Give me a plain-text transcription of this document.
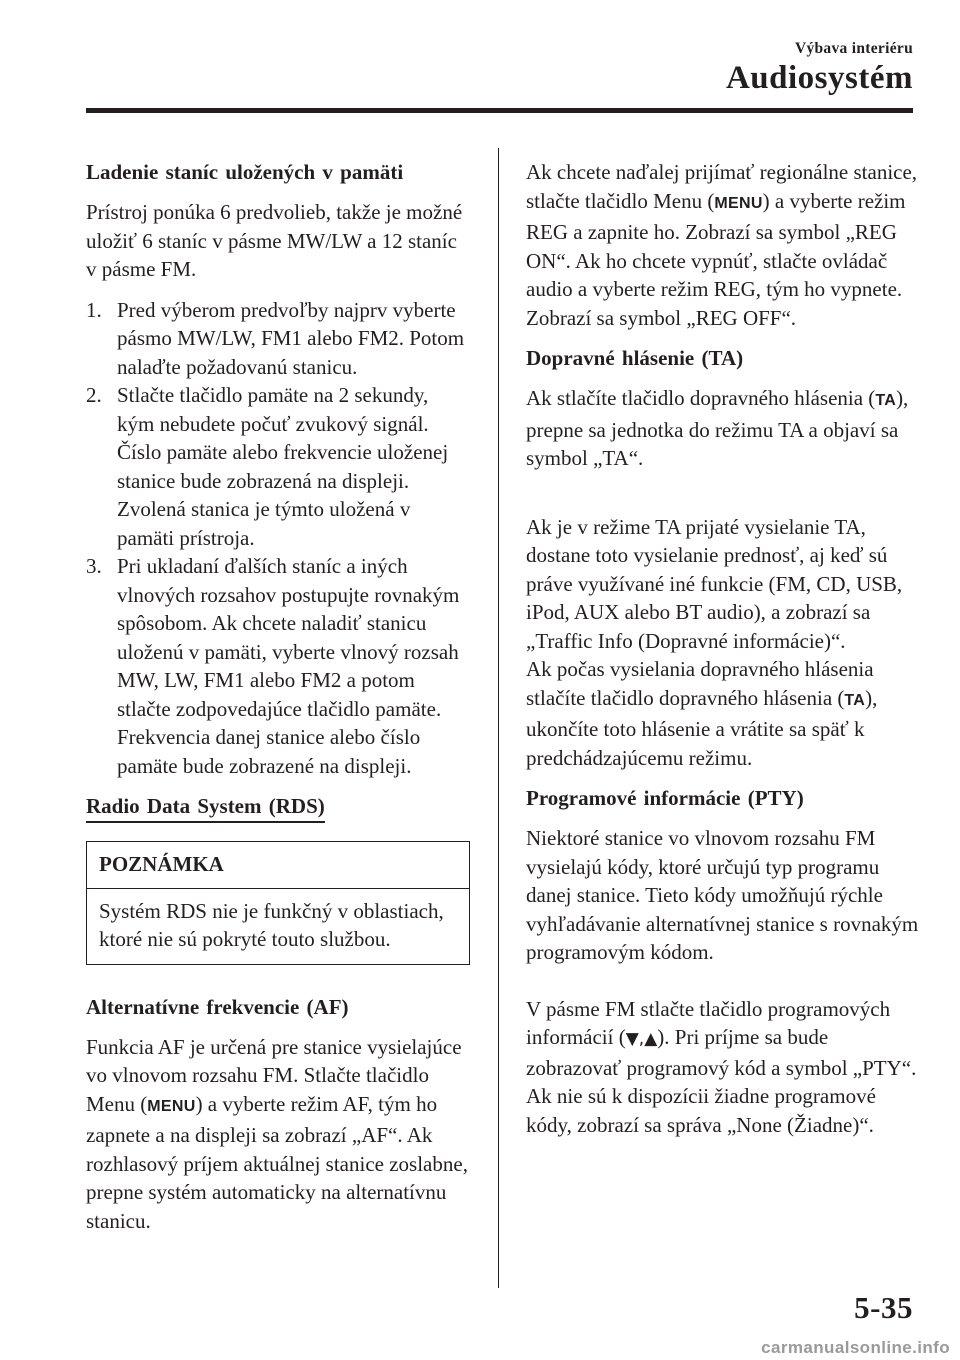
Výbava interiéru
Audiosystém
Ladenie staníc uložených v pamäti

Prístroj ponúka 6 predvolieb, takže je možné uložiť 6 staníc v pásme MW/LW a 12 staníc v pásme FM.

1. Pred výberom predvoľby najprv vyberte pásmo MW/LW, FM1 alebo FM2. Potom nalaďte požadovanú stanicu.
2. Stlačte tlačidlo pamäte na 2 sekundy, kým nebudete počuť zvukový signál. Číslo pamäte alebo frekvencie uloženej stanice bude zobrazená na displeji. Zvolená stanica je týmto uložená v pamäti prístroja.
3. Pri ukladaní ďalších staníc a iných vlnových rozsahov postupujte rovnakým spôsobom. Ak chcete naladiť stanicu uloženú v pamäti, vyberte vlnový rozsah MW, LW, FM1 alebo FM2 a potom stlačte zodpovedajúce tlačidlo pamäte. Frekvencia danej stanice alebo číslo pamäte bude zobrazené na displeji.
Radio Data System (RDS)
POZNÁMKA
Systém RDS nie je funkčný v oblastiach, ktoré nie sú pokryté touto službou.
Alternatívne frekvencie (AF)

Funkcia AF je určená pre stanice vysielajúce vo vlnovom rozsahu FM. Stlačte tlačidlo Menu (MENU) a vyberte režim AF, tým ho zapnete a na displeji sa zobrazí „AF“. Ak rozhlasový príjem aktuálnej stanice zoslabne, prepne systém automaticky na alternatívnu stanicu.

Ak chcete naďalej prijímať regionálne stanice, stlačte tlačidlo Menu (MENU) a vyberte režim REG a zapnite ho. Zobrazí sa symbol „REG ON“. Ak ho chcete vypnúť, stlačte ovládač audio a vyberte režim REG, tým ho vypnete. Zobrazí sa symbol „REG OFF“.

Dopravné hlásenie (TA)

Ak stlačíte tlačidlo dopravného hlásenia (TA), prepne sa jednotka do režimu TA a objaví sa symbol „TA“.

Ak je v režime TA prijaté vysielanie TA, dostane toto vysielanie prednosť, aj keď sú práve využívané iné funkcie (FM, CD, USB, iPod, AUX alebo BT audio), a zobrazí sa „Traffic Info (Dopravné informácie)“.

Ak počas vysielania dopravného hlásenia stlačíte tlačidlo dopravného hlásenia (TA), ukončíte toto hlásenie a vrátite sa späť k predchádzajúcemu režimu.

Programové informácie (PTY)

Niektoré stanice vo vlnovom rozsahu FM vysielajú kódy, ktoré určujú typ programu danej stanice. Tieto kódy umožňujú rýchle vyhľadávanie alternatívnej stanice s rovnakým programovým kódom.

V pásme FM stlačte tlačidlo programových informácií (▼,▲). Pri príjme sa bude zobrazovať programový kód a symbol „PTY“. Ak nie sú k dispozícii žiadne programové kódy, zobrazí sa správa „None (Žiadne)“.

5-35
carmanualsonline.info
